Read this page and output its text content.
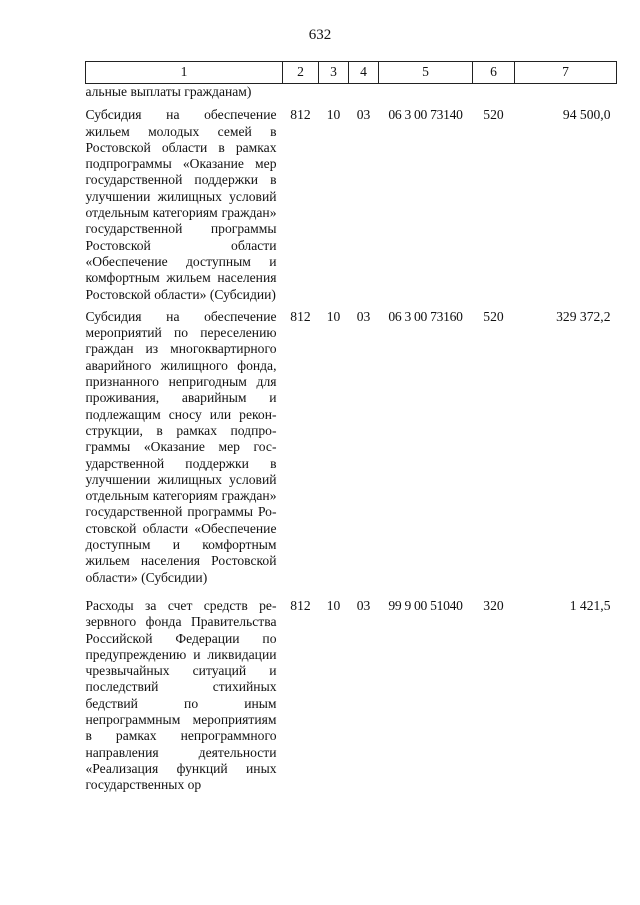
632
1	2	3	4	5	6	7
альные выплаты гражданам)						
Субсидия на обеспечение жильем молодых семей в Ростовской области в рамках подпрограммы «Оказание мер государственной поддержки в улучшении жилищных условий отдельным категориям граждан» государственной программы Ростовской области «Обеспечение доступным и комфортным жильем населения Ростовской области» (Субсидии)	812	10	03	06 3 00 73140	520	94 500,0
Субсидия на обеспечение мероприятий по переселению граждан из многоквартирного аварийного жилищного фонда, признанного непригодным для проживания, аварийным и подлежащим сносу или реконструкции, в рамках подпрограммы «Оказание мер государственной поддержки в улучшении жилищных условий отдельным категориям граждан» государственной программы Ростовской области «Обеспечение доступным и комфортным жильем населения Ростовской области» (Субсидии)	812	10	03	06 3 00 73160	520	329 372,2
Расходы за счет средств резервного фонда Правительства Российской Федерации по предупреждению и ликвидации чрезвычайных ситуаций и последствий стихийных бедствий по иным непрограммным мероприятиям в рамках непрограммного направления деятельности «Реализация функций иных государственных ор	812	10	03	99 9 00 51040	320	1 421,5
